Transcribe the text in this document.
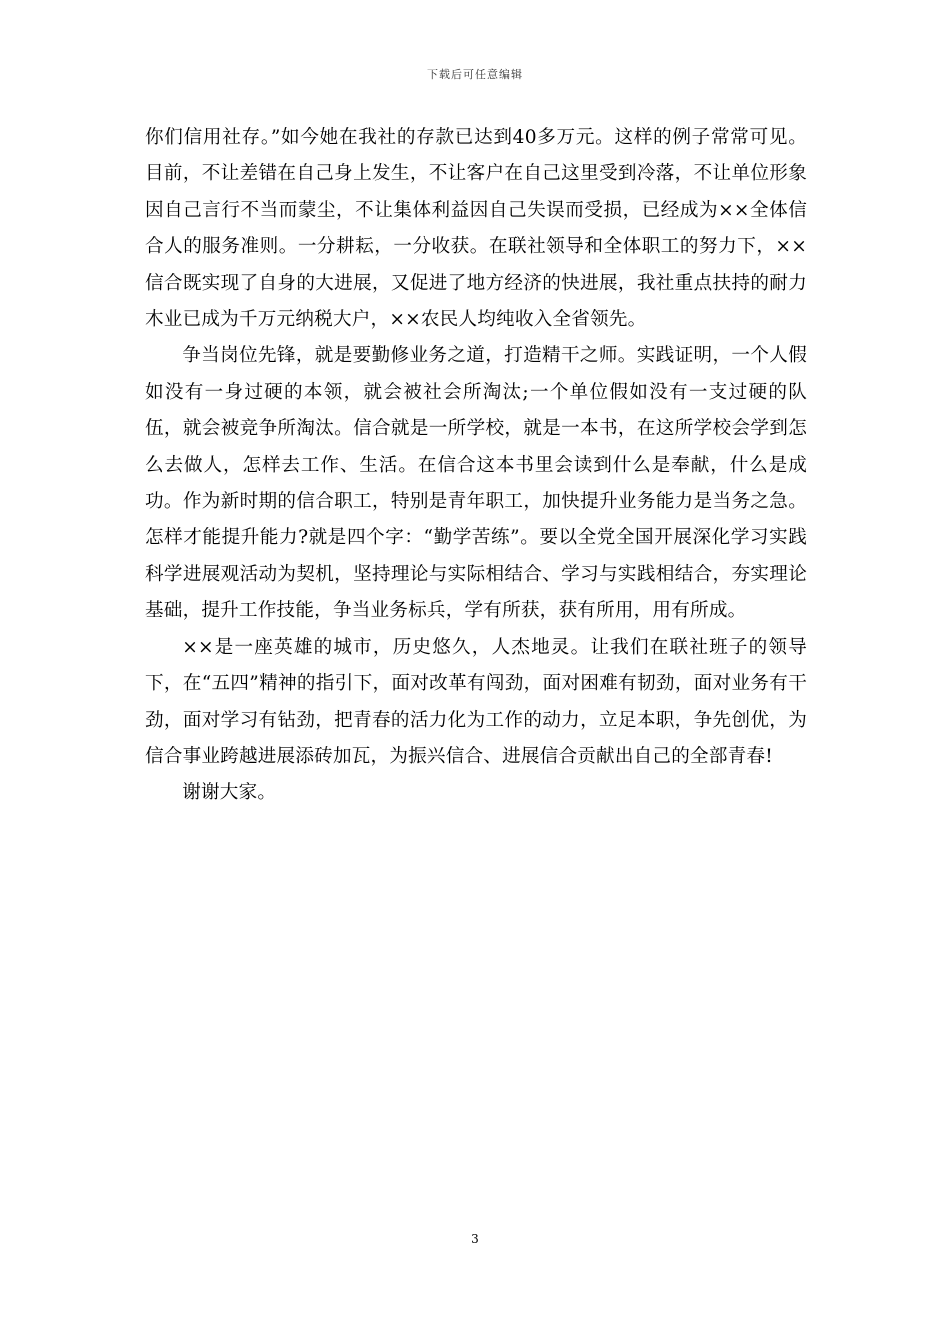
下载后可任意编辑

你们信用社存。”如今她在我社的存款已达到40多万元。这样的例子常常可见。目前，不让差错在自己身上发生，不让客户在自己这里受到冷落，不让单位形象因自己言行不当而蒙尘，不让集体利益因自己失误而受损，已经成为××全体信合人的服务准则。一分耕耘，一分收获。在联社领导和全体职工的努力下，××信合既实现了自身的大进展，又促进了地方经济的快进展，我社重点扶持的耐力木业已成为千万元纳税大户，××农民人均纯收入全省领先。

争当岗位先锋，就是要勤修业务之道，打造精干之师。实践证明，一个人假如没有一身过硬的本领，就会被社会所淘汰;一个单位假如没有一支过硬的队伍，就会被竞争所淘汰。信合就是一所学校，就是一本书，在这所学校会学到怎么去做人，怎样去工作、生活。在信合这本书里会读到什么是奉献，什么是成功。作为新时期的信合职工，特别是青年职工，加快提升业务能力是当务之急。怎样才能提升能力?就是四个字：“勤学苦练”。要以全党全国开展深化学习实践科学进展观活动为契机，坚持理论与实际相结合、学习与实践相结合，夯实理论基础，提升工作技能，争当业务标兵，学有所获，获有所用，用有所成。

××是一座英雄的城市，历史悠久，人杰地灵。让我们在联社班子的领导下，在“五四”精神的指引下，面对改革有闯劲，面对困难有韧劲，面对业务有干劲，面对学习有钻劲，把青春的活力化为工作的动力，立足本职，争先创优，为信合事业跨越进展添砖加瓦，为振兴信合、进展信合贡献出自己的全部青春!

谢谢大家。

3
